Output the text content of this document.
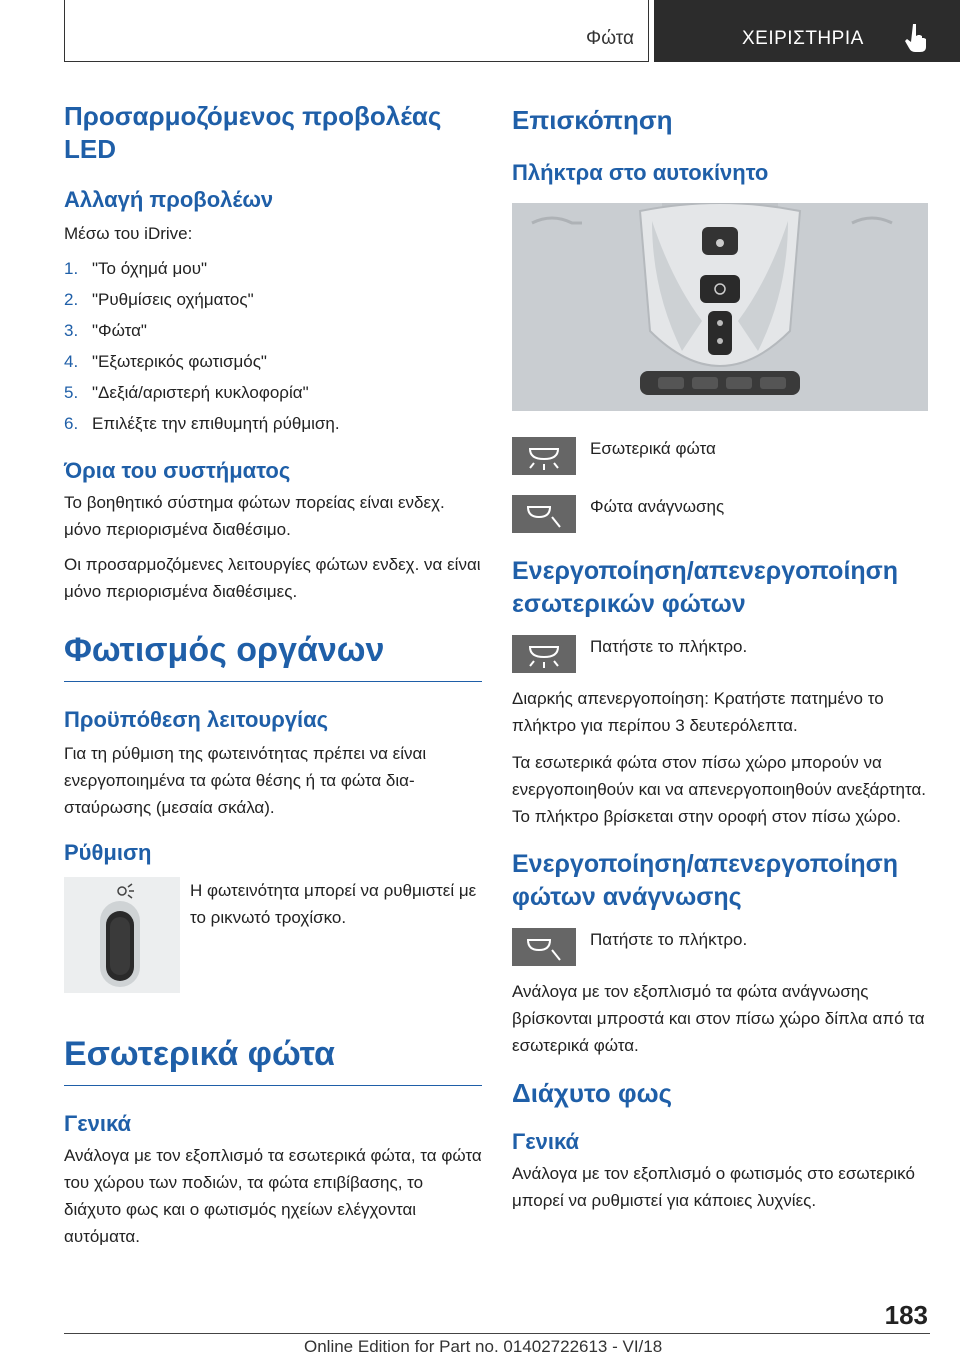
Φώτα	ΧΕΙΡΙΣΤΗΡΙΑ
Προσαρμοζόμενος προβολέας LED
Αλλαγή προβολέων

Μέσω του iDrive:

1. "Το όχημά μου"
2. "Ρυθμίσεις οχήματος"
3. "Φώτα"
4. "Εξωτερικός φωτισμός"
5. "Δεξιά/αριστερή κυκλοφορία"
6. Επιλέξτε την επιθυμητή ρύθμιση.
Όρια του συστήματος

Το βοηθητικό σύστημα φώτων πορείας είναι ενδεχ. μόνο περιορισμένα διαθέσιμο.

Οι προσαρμοζόμενες λειτουργίες φώτων ενδεχ. να είναι μόνο περιορισμένα διαθέσιμες.

Φωτισμός οργάνων
Προϋπόθεση λειτουργίας

Για τη ρύθμιση της φωτεινότητας πρέπει να είναι ενεργοποιημένα τα φώτα θέσης ή τα φώτα διασταύρωσης (μεσαία σκάλα).

Ρύθμιση

Η φωτεινότητα μπορεί να ρυθμιστεί με το ρικνωτό τροχίσκο.

Εσωτερικά φώτα
Γενικά

Ανάλογα με τον εξοπλισμό τα εσωτερικά φώτα, τα φώτα του χώρου των ποδιών, τα φώτα επιβίβασης, το διάχυτο φως και ο φωτισμός ηχείων ελέγχονται αυτόματα.

Επισκόπηση
Πλήκτρα στο αυτοκίνητο

Εσωτερικά φώτα

Φώτα ανάγνωσης

Ενεργοποίηση/απενεργοποίηση εσωτερικών φώτων

Πατήστε το πλήκτρο.

Διαρκής απενεργοποίηση: Κρατήστε πατημένο το πλήκτρο για περίπου 3 δευτερόλεπτα.

Τα εσωτερικά φώτα στον πίσω χώρο μπορούν να ενεργοποιηθούν και να απενεργοποιηθούν ανεξάρτητα. Το πλήκτρο βρίσκεται στην οροφή στον πίσω χώρο.

Ενεργοποίηση/απενεργοποίηση φώτων ανάγνωσης

Πατήστε το πλήκτρο.

Ανάλογα με τον εξοπλισμό τα φώτα ανάγνωσης βρίσκονται μπροστά και στον πίσω χώρο δίπλα από τα εσωτερικά φώτα.

Διάχυτο φως
Γενικά

Ανάλογα με τον εξοπλισμό ο φωτισμός στο εσωτερικό μπορεί να ρυθμιστεί για κάποιες λυχνίες.

183
Online Edition for Part no. 01402722613 - VI/18
